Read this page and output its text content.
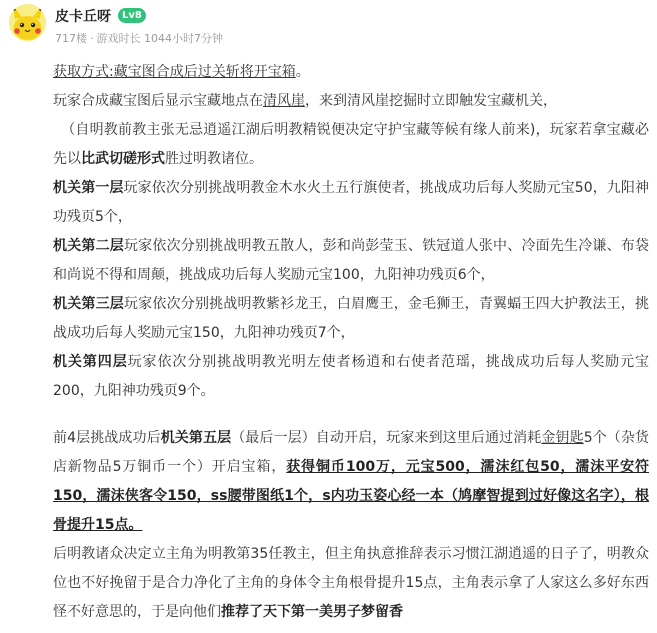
皮卡丘呀	Lv8
717楼 · 游戏时长 1044小时7分钟

获取方式:藏宝图合成后过关斩将开宝箱。

玩家合成藏宝图后显示宝藏地点在清风崖，来到清风崖挖掘时立即触发宝藏机关，

（自明教前教主张无忌逍遥江湖后明教精锐便决定守护宝藏等候有缘人前来)，玩家若拿宝藏必先以比武切磋形式胜过明教诸位。

机关第一层玩家依次分别挑战明教金木水火土五行旗使者，挑战成功后每人奖励元宝50，九阳神功残页5个，

机关第二层玩家依次分别挑战明教五散人，彭和尚彭莹玉、铁冠道人张中、冷面先生冷谦、布袋和尚说不得和周颠，挑战成功后每人奖励元宝100，九阳神功残页6个，

机关第三层玩家依次分别挑战明教紫衫龙王，白眉鹰王，金毛狮王，青翼蝠王四大护教法王，挑战成功后每人奖励元宝150，九阳神功残页7个，

机关第四层玩家依次分别挑战明教光明左使者杨逍和右使者范瑶，挑战成功后每人奖励元宝200，九阳神功残页9个。

前4层挑战成功后机关第五层（最后一层）自动开启，玩家来到这里后通过消耗金钥匙5个（杂货店新物品5万铜币一个）开启宝箱，获得铜币100万，元宝500，濡沫红包50，濡沫平安符150，濡沫侠客令150，ss腰带图纸1个，s内功玉姿心经一本（鸠摩智提到过好像这名字），根骨提升15点。

后明教诸众决定立主角为明教第35任教主，但主角执意推辞表示习惯江湖逍遥的日子了，明教众位也不好挽留于是合力净化了主角的身体令主角根骨提升15点，主角表示拿了人家这么多好东西怪不好意思的，于是向他们推荐了天下第一美男子梦留香
